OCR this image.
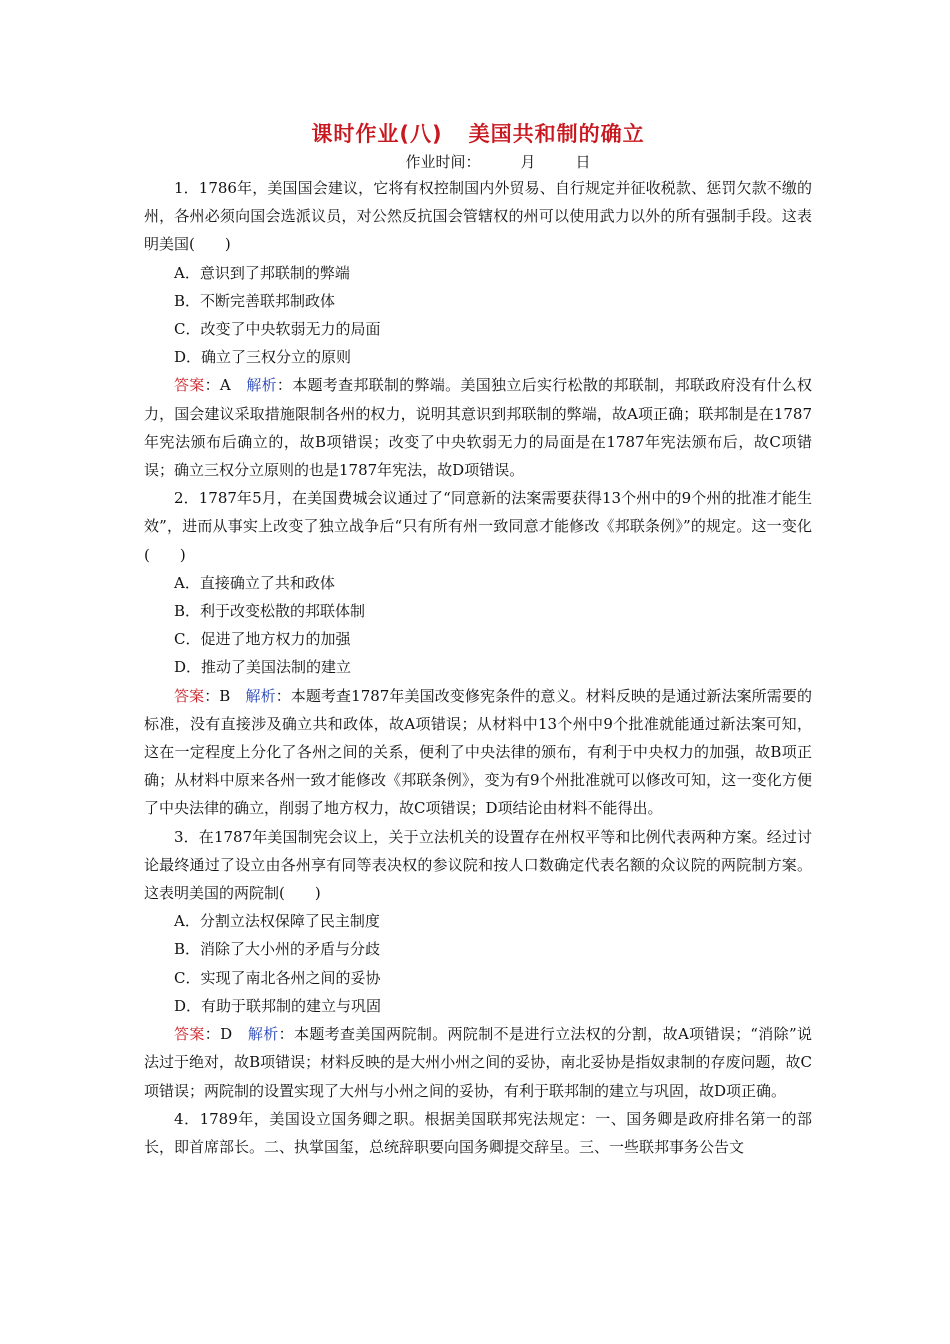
课时作业(八) 美国共和制的确立
作业时间：	月	日

1．1786年，美国国会建议，它将有权控制国内外贸易、自行规定并征收税款、惩罚欠款不缴的州，各州必须向国会选派议员，对公然反抗国会管辖权的州可以使用武力以外的所有强制手段。这表明美国(　　)

A．意识到了邦联制的弊端

B．不断完善联邦制政体

C．改变了中央软弱无力的局面

D．确立了三权分立的原则

答案：A　 解析：本题考查邦联制的弊端。美国独立后实行松散的邦联制，邦联政府没有什么权力，国会建议采取措施限制各州的权力，说明其意识到邦联制的弊端，故A项正确；联邦制是在1787年宪法颁布后确立的，故B项错误；改变了中央软弱无力的局面是在1787年宪法颁布后，故C项错误；确立三权分立原则的也是1787年宪法，故D项错误。

2．1787年5月，在美国费城会议通过了“同意新的法案需要获得13个州中的9个州的批准才能生效”，进而从事实上改变了独立战争后“只有所有州一致同意才能修改《邦联条例》”的规定。这一变化(　　)

A．直接确立了共和政体

B．利于改变松散的邦联体制

C．促进了地方权力的加强

D．推动了美国法制的建立

答案：B　 解析：本题考查1787年美国改变修宪条件的意义。材料反映的是通过新法案所需要的标准，没有直接涉及确立共和政体，故A项错误；从材料中13个州中9个批准就能通过新法案可知，这在一定程度上分化了各州之间的关系，便利了中央法律的颁布，有利于中央权力的加强，故B项正确；从材料中原来各州一致才能修改《邦联条例》，变为有9个州批准就可以修改可知，这一变化方便了中央法律的确立，削弱了地方权力，故C项错误；D项结论由材料不能得出。

3．在1787年美国制宪会议上，关于立法机关的设置存在州权平等和比例代表两种方案。经过讨论最终通过了设立由各州享有同等表决权的参议院和按人口数确定代表名额的众议院的两院制方案。这表明美国的两院制(　　)

A．分割立法权保障了民主制度

B．消除了大小州的矛盾与分歧

C．实现了南北各州之间的妥协

D．有助于联邦制的建立与巩固

答案：D　 解析：本题考查美国两院制。两院制不是进行立法权的分割，故A项错误；“消除”说法过于绝对，故B项错误；材料反映的是大州小州之间的妥协，南北妥协是指奴隶制的存废问题，故C项错误；两院制的设置实现了大州与小州之间的妥协，有利于联邦制的建立与巩固，故D项正确。

4．1789年，美国设立国务卿之职。根据美国联邦宪法规定：一、国务卿是政府排名第一的部长，即首席部长。二、执掌国玺，总统辞职要向国务卿提交辞呈。三、一些联邦事务公告文
